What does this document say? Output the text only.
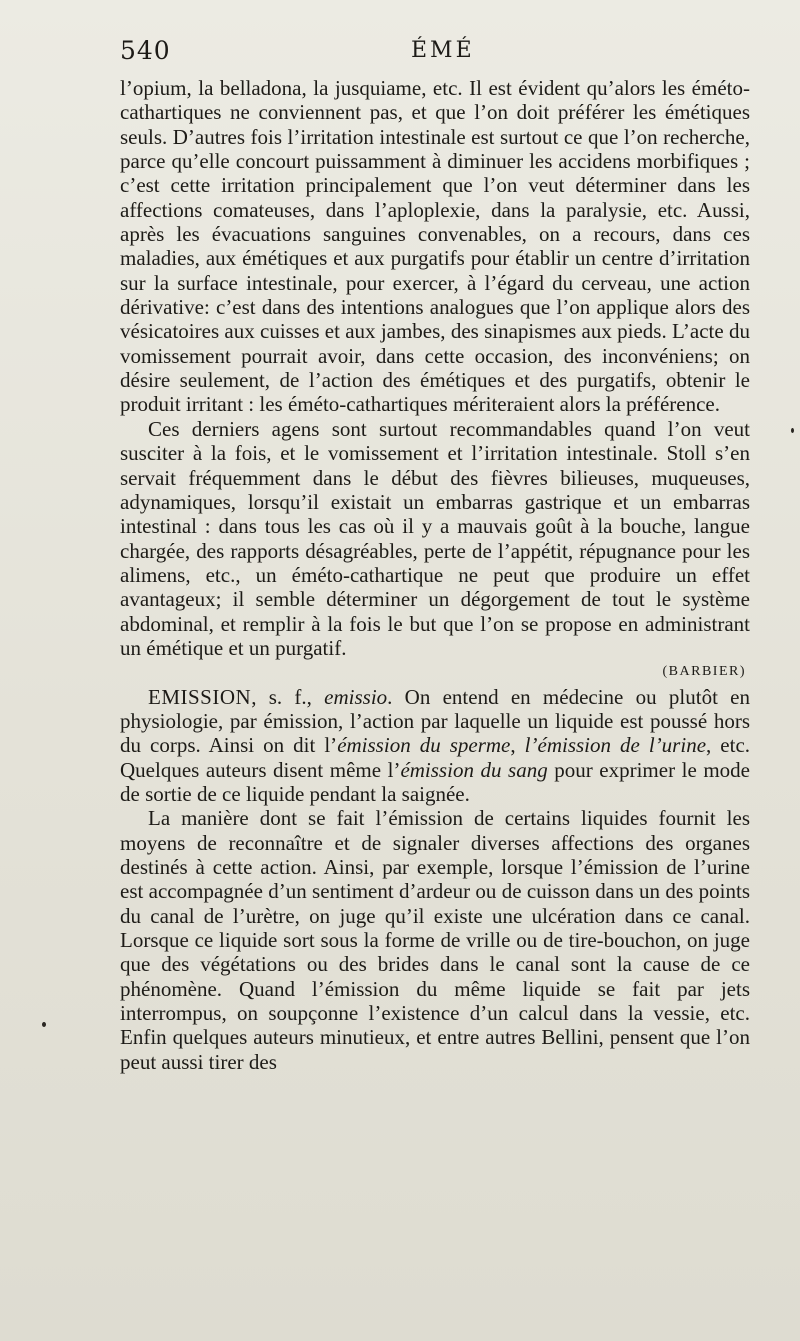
540	ÉMÉ

l’opium, la belladona, la jusquiame, etc. Il est évident qu’alors les éméto-cathartiques ne conviennent pas, et que l’on doit préférer les émétiques seuls. D’autres fois l’irritation intestinale est surtout ce que l’on recherche, parce qu’elle concourt puissamment à diminuer les accidens morbifiques ; c’est cette irritation principalement que l’on veut déterminer dans les affections comateuses, dans l’aploplexie, dans la paralysie, etc. Aussi, après les évacuations sanguines convenables, on a recours, dans ces maladies, aux émétiques et aux purgatifs pour établir un centre d’irritation sur la surface intestinale, pour exercer, à l’égard du cerveau, une action dérivative: c’est dans des intentions analogues que l’on applique alors des vésicatoires aux cuisses et aux jambes, des sinapismes aux pieds. L’acte du vomissement pourrait avoir, dans cette occasion, des inconvéniens; on désire seulement, de l’action des émétiques et des purgatifs, obtenir le produit irritant : les éméto-cathartiques mériteraient alors la préférence.

Ces derniers agens sont surtout recommandables quand l’on veut susciter à la fois, et le vomissement et l’irritation intestinale. Stoll s’en servait fréquemment dans le début des fièvres bilieuses, muqueuses, adynamiques, lorsqu’il existait un embarras gastrique et un embarras intestinal : dans tous les cas où il y a mauvais goût à la bouche, langue chargée, des rapports désagréables, perte de l’appétit, répugnance pour les alimens, etc., un éméto-cathartique ne peut que produire un effet avantageux; il semble déterminer un dégorgement de tout le système abdominal, et remplir à la fois le but que l’on se propose en administrant un émétique et un purgatif.

(BARBIER)

EMISSION, s. f., emissio. On entend en médecine ou plutôt en physiologie, par émission, l’action par laquelle un liquide est poussé hors du corps. Ainsi on dit l’émission du sperme, l’émission de l’urine, etc. Quelques auteurs disent même l’émission du sang pour exprimer le mode de sortie de ce liquide pendant la saignée.

La manière dont se fait l’émission de certains liquides fournit les moyens de reconnaître et de signaler diverses affections des organes destinés à cette action. Ainsi, par exemple, lorsque l’émission de l’urine est accompagnée d’un sentiment d’ardeur ou de cuisson dans un des points du canal de l’urètre, on juge qu’il existe une ulcération dans ce canal. Lorsque ce liquide sort sous la forme de vrille ou de tire-bouchon, on juge que des végétations ou des brides dans le canal sont la cause de ce phénomène. Quand l’émission du même liquide se fait par jets interrompus, on soupçonne l’existence d’un calcul dans la vessie, etc. Enfin quelques auteurs minutieux, et entre autres Bellini, pensent que l’on peut aussi tirer des
